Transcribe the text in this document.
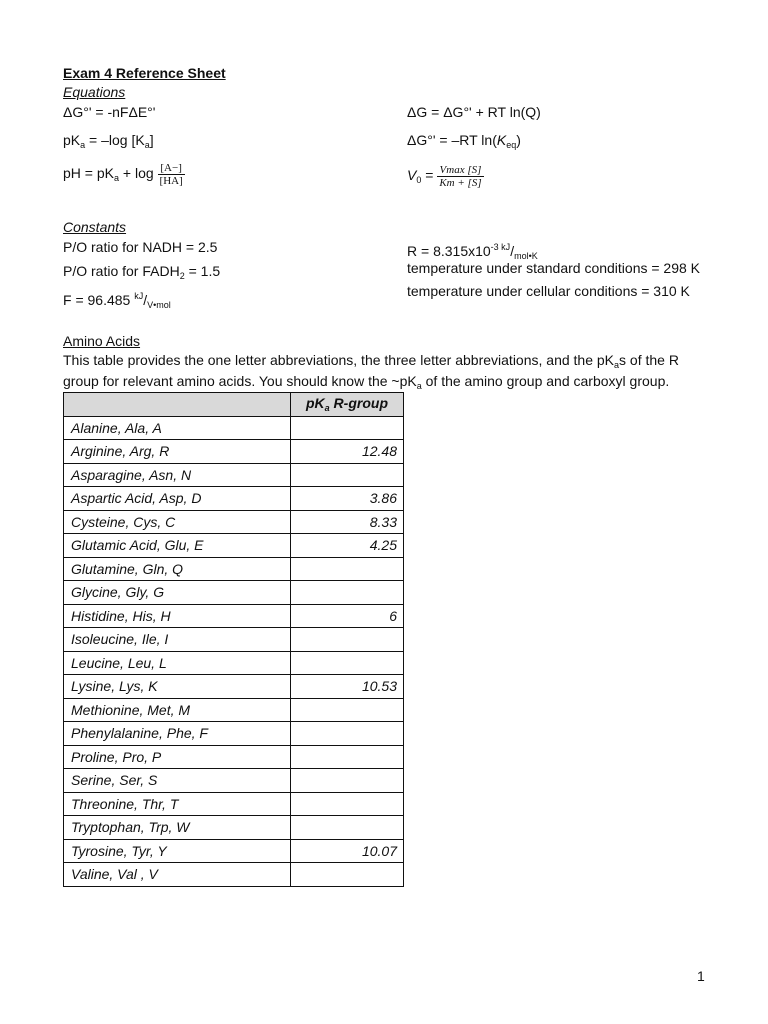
Exam 4 Reference Sheet
Equations
ΔG°' = -nFΔE°'
$pK_a = -\log$ $[K_a]$
pH = $pK_a + \log \frac{[A-]}{[HA]}$
ΔG = ΔG°' + RT ln(Q)
ΔG°' = –RT $\ln(K_{eq})$
$V_0 = \frac{Vmax [S]}{Km + [S]}$
Constants
P/O ratio for NADH = 2.5
P/O ratio for $FADH_2 = 1.5$
F = 96.485 $^{kJ}/_{V•mol}$
$R = 8.315x10^{-3 kJ}/_{mol•K}$
temperature under standard conditions = 298 K
temperature under cellular conditions = 310 K
Amino Acids
This table provides the one letter abbreviations, the three letter abbreviations, and the $pK_as$ of the R
group for relevant amino acids. You should know the $\sim pK_a$ of the amino group and carboxyl group.
	$pK_a$ R-group
Alanine, Ala, A	
Arginine, Arg, R	12.48
Asparagine, Asn, N	
Aspartic Acid, Asp, D	3.86
Cysteine, Cys, C	8.33
Glutamic Acid, Glu, E	4.25
Glutamine, Gln, Q	
Glycine, Gly, G	
Histidine, His, H	6
Isoleucine, Ile, I	
Leucine, Leu, L	
Lysine, Lys, K	10.53
Methionine, Met, M	
Phenylalanine, Phe, F	
Proline, Pro, P	
Serine, Ser, S	
Threonine, Thr, T	
Tryptophan, Trp, W	
Tyrosine, Tyr, Y	10.07
Valine, Val , V	
1
